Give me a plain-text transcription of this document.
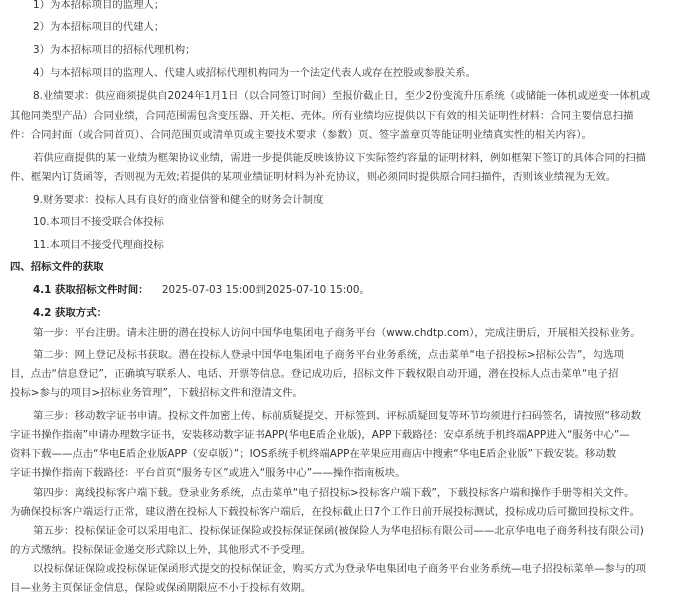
1）为本招标项目的监理人；
2）为本招标项目的代建人；
3）为本招标项目的招标代理机构；
4）与本招标项目的监理人、代建人或招标代理机构同为一个法定代表人或存在控股或参股关系。
8.业绩要求：供应商须提供自2024年1月1日（以合同签订时间）至报价截止日，至少2份变流升压系统（或储能一体机或逆变一体机或
其他同类型产品）合同业绩，合同范围需包含变压器、开关柜、壳体。所有业绩均应提供以下有效的相关证明性材料：合同主要信息扫描
件：合同封面（或合同首页）、合同范围页或清单页或主要技术要求（参数）页、签字盖章页等能证明业绩真实性的相关内容）。
若供应商提供的某一业绩为框架协议业绩，需进一步提供能反映该协议下实际签约容量的证明材料，例如框架下签订的具体合同的扫描
件、框架内订货函等，否则视为无效;若提供的某项业绩证明材料为补充协议，则必须同时提供原合同扫描件，否则该业绩视为无效。
9.财务要求：投标人具有良好的商业信誉和健全的财务会计制度
10.本项目不接受联合体投标
11.本项目不接受代理商投标
四、招标文件的获取
4.1 获取招标文件时间： 2025-07-03 15:00到2025-07-10 15:00。
4.2 获取方式：
第一步：平台注册。请未注册的潜在投标人访问中国华电集团电子商务平台（www.chdtp.com），完成注册后，开展相关投标业务。
第二步：网上登记及标书获取。潜在投标人登录中国华电集团电子商务平台业务系统，点击菜单“电子招投标>招标公告”，勾选项
目，点击“信息登记”，正确填写联系人、电话、开票等信息。登记成功后，招标文件下载权限自动开通，潜在投标人点击菜单“电子招
投标>参与的项目>招标业务管理”，下载招标文件和澄清文件。
第三步：移动数字证书申请。投标文件加密上传、标前质疑提交、开标签到、评标质疑回复等环节均须进行扫码签名，请按照“移动数
字证书操作指南”申请办理数字证书，安装移动数字证书APP(华电E盾企业版)，APP下载路径：安卓系统手机终端APP进入“服务中心”—
资料下载——点击“华电E盾企业版APP（安卓版）”；IOS系统手机终端APP在苹果应用商店中搜索“华电E盾企业版”下载安装。移动数
字证书操作指南下载路径：平台首页“服务专区”或进入“服务中心”——操作指南板块。
第四步：离线投标客户端下载。登录业务系统，点击菜单“电子招投标>投标客户端下载”，下载投标客户端和操作手册等相关文件。
为确保投标客户端运行正常，建议潜在投标人下载投标客户端后，在投标截止日7个工作日前开展投标测试，投标成功后可撤回投标文件。
第五步：投标保证金可以采用电汇、投标保证保险或投标保证保函(被保险人为华电招标有限公司——北京华电电子商务科技有限公司)
的方式缴纳。投标保证金递交形式除以上外，其他形式不予受理。
以投标保证保险或投标保证保函形式提交的投标保证金，购买方式为登录华电集团电子商务平台业务系统—电子招投标菜单—参与的项
目—业务主页保证金信息，保险或保函期限应不小于投标有效期。
